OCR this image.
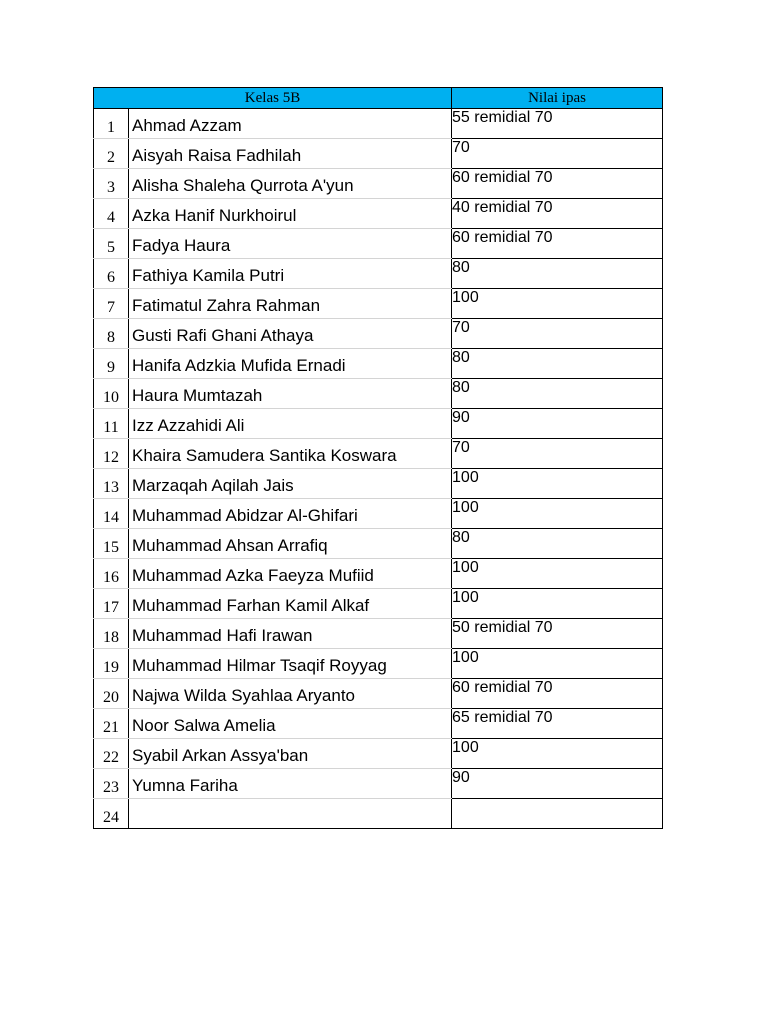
Kelas 5B		Nilai ipas
1	Ahmad Azzam	55 remidial 70
2	Aisyah Raisa Fadhilah	70
3	Alisha Shaleha Qurrota A'yun	60 remidial 70
4	Azka Hanif Nurkhoirul	40 remidial 70
5	Fadya Haura	60 remidial 70
6	Fathiya Kamila Putri	80
7	Fatimatul Zahra Rahman	100
8	Gusti Rafi Ghani Athaya	70
9	Hanifa Adzkia Mufida Ernadi	80
10	Haura Mumtazah	80
11	Izz Azzahidi Ali	90
12	Khaira Samudera Santika Koswara	70
13	Marzaqah Aqilah Jais	100
14	Muhammad Abidzar Al-Ghifari	100
15	Muhammad Ahsan Arrafiq	80
16	Muhammad Azka Faeyza Mufiid	100
17	Muhammad Farhan Kamil Alkaf	100
18	Muhammad Hafi Irawan	50 remidial 70
19	Muhammad Hilmar Tsaqif Royyag	100
20	Najwa Wilda Syahlaa Aryanto	60 remidial 70
21	Noor Salwa Amelia	65 remidial 70
22	Syabil Arkan Assya'ban	100
23	Yumna Fariha	90
24		
